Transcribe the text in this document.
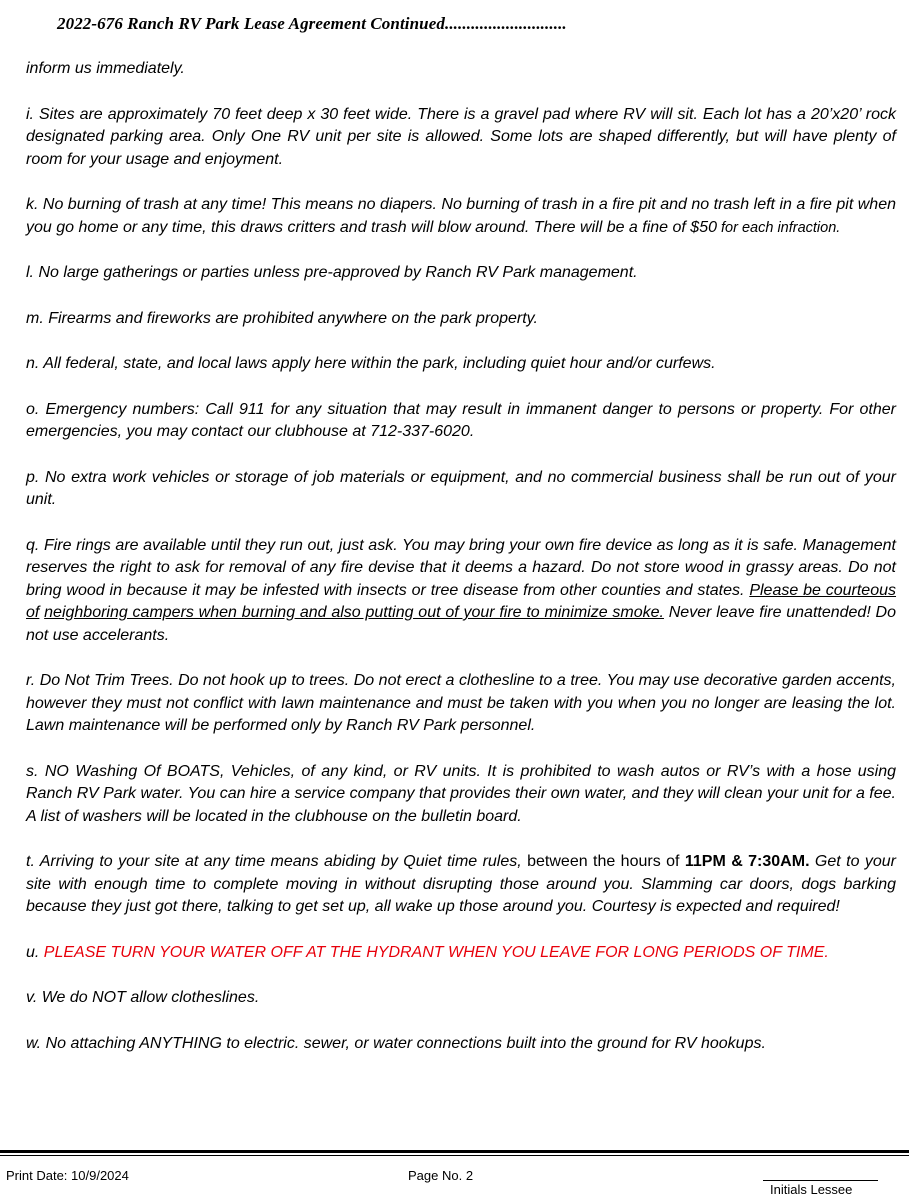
2022-676 Ranch RV Park Lease Agreement Continued............................

inform us immediately.

i. Sites are approximately 70 feet deep x 30 feet wide. There is a gravel pad where RV will sit. Each lot has a 20’x20’ rock designated parking area. Only One RV unit per site is allowed. Some lots are shaped differently, but will have plenty of room for your usage and enjoyment.

k. No burning of trash at any time! This means no diapers. No burning of trash in a fire pit and no trash left in a fire pit when you go home or any time, this draws critters and trash will blow around. There will be a fine of $50 for each infraction.

l. No large gatherings or parties unless pre-approved by Ranch RV Park management.

m. Firearms and fireworks are prohibited anywhere on the park property.

n. All federal, state, and local laws apply here within the park, including quiet hour and/or curfews.

o. Emergency numbers: Call 911 for any situation that may result in immanent danger to persons or property. For other emergencies, you may contact our clubhouse at 712-337-6020.

p. No extra work vehicles or storage of job materials or equipment, and no commercial business shall be run out of your unit.

q. Fire rings are available until they run out, just ask. You may bring your own fire device as long as it is safe. Management reserves the right to ask for removal of any fire devise that it deems a hazard. Do not store wood in grassy areas. Do not bring wood in because it may be infested with insects or tree disease from other counties and states. Please be courteous of neighboring campers when burning and also putting out of your fire to minimize smoke. Never leave fire unattended! Do not use accelerants.

r. Do Not Trim Trees. Do not hook up to trees. Do not erect a clothesline to a tree. You may use decorative garden accents, however they must not conflict with lawn maintenance and must be taken with you when you no longer are leasing the lot. Lawn maintenance will be performed only by Ranch RV Park personnel.

s. NO Washing Of BOATS, Vehicles, of any kind, or RV units. It is prohibited to wash autos or RV’s with a hose using Ranch RV Park water. You can hire a service company that provides their own water, and they will clean your unit for a fee. A list of washers will be located in the clubhouse on the bulletin board.

t. Arriving to your site at any time means abiding by Quiet time rules, between the hours of 11PM & 7:30AM. Get to your site with enough time to complete moving in without disrupting those around you. Slamming car doors, dogs barking because they just got there, talking to get set up, all wake up those around you. Courtesy is expected and required!

u. PLEASE TURN YOUR WATER OFF AT THE HYDRANT WHEN YOU LEAVE FOR LONG PERIODS OF TIME.

v. We do NOT allow clotheslines.

w. No attaching ANYTHING to electric. sewer, or water connections built into the ground for RV hookups.

Print Date: 10/9/2024	Page No. 2
Initials Lessee
